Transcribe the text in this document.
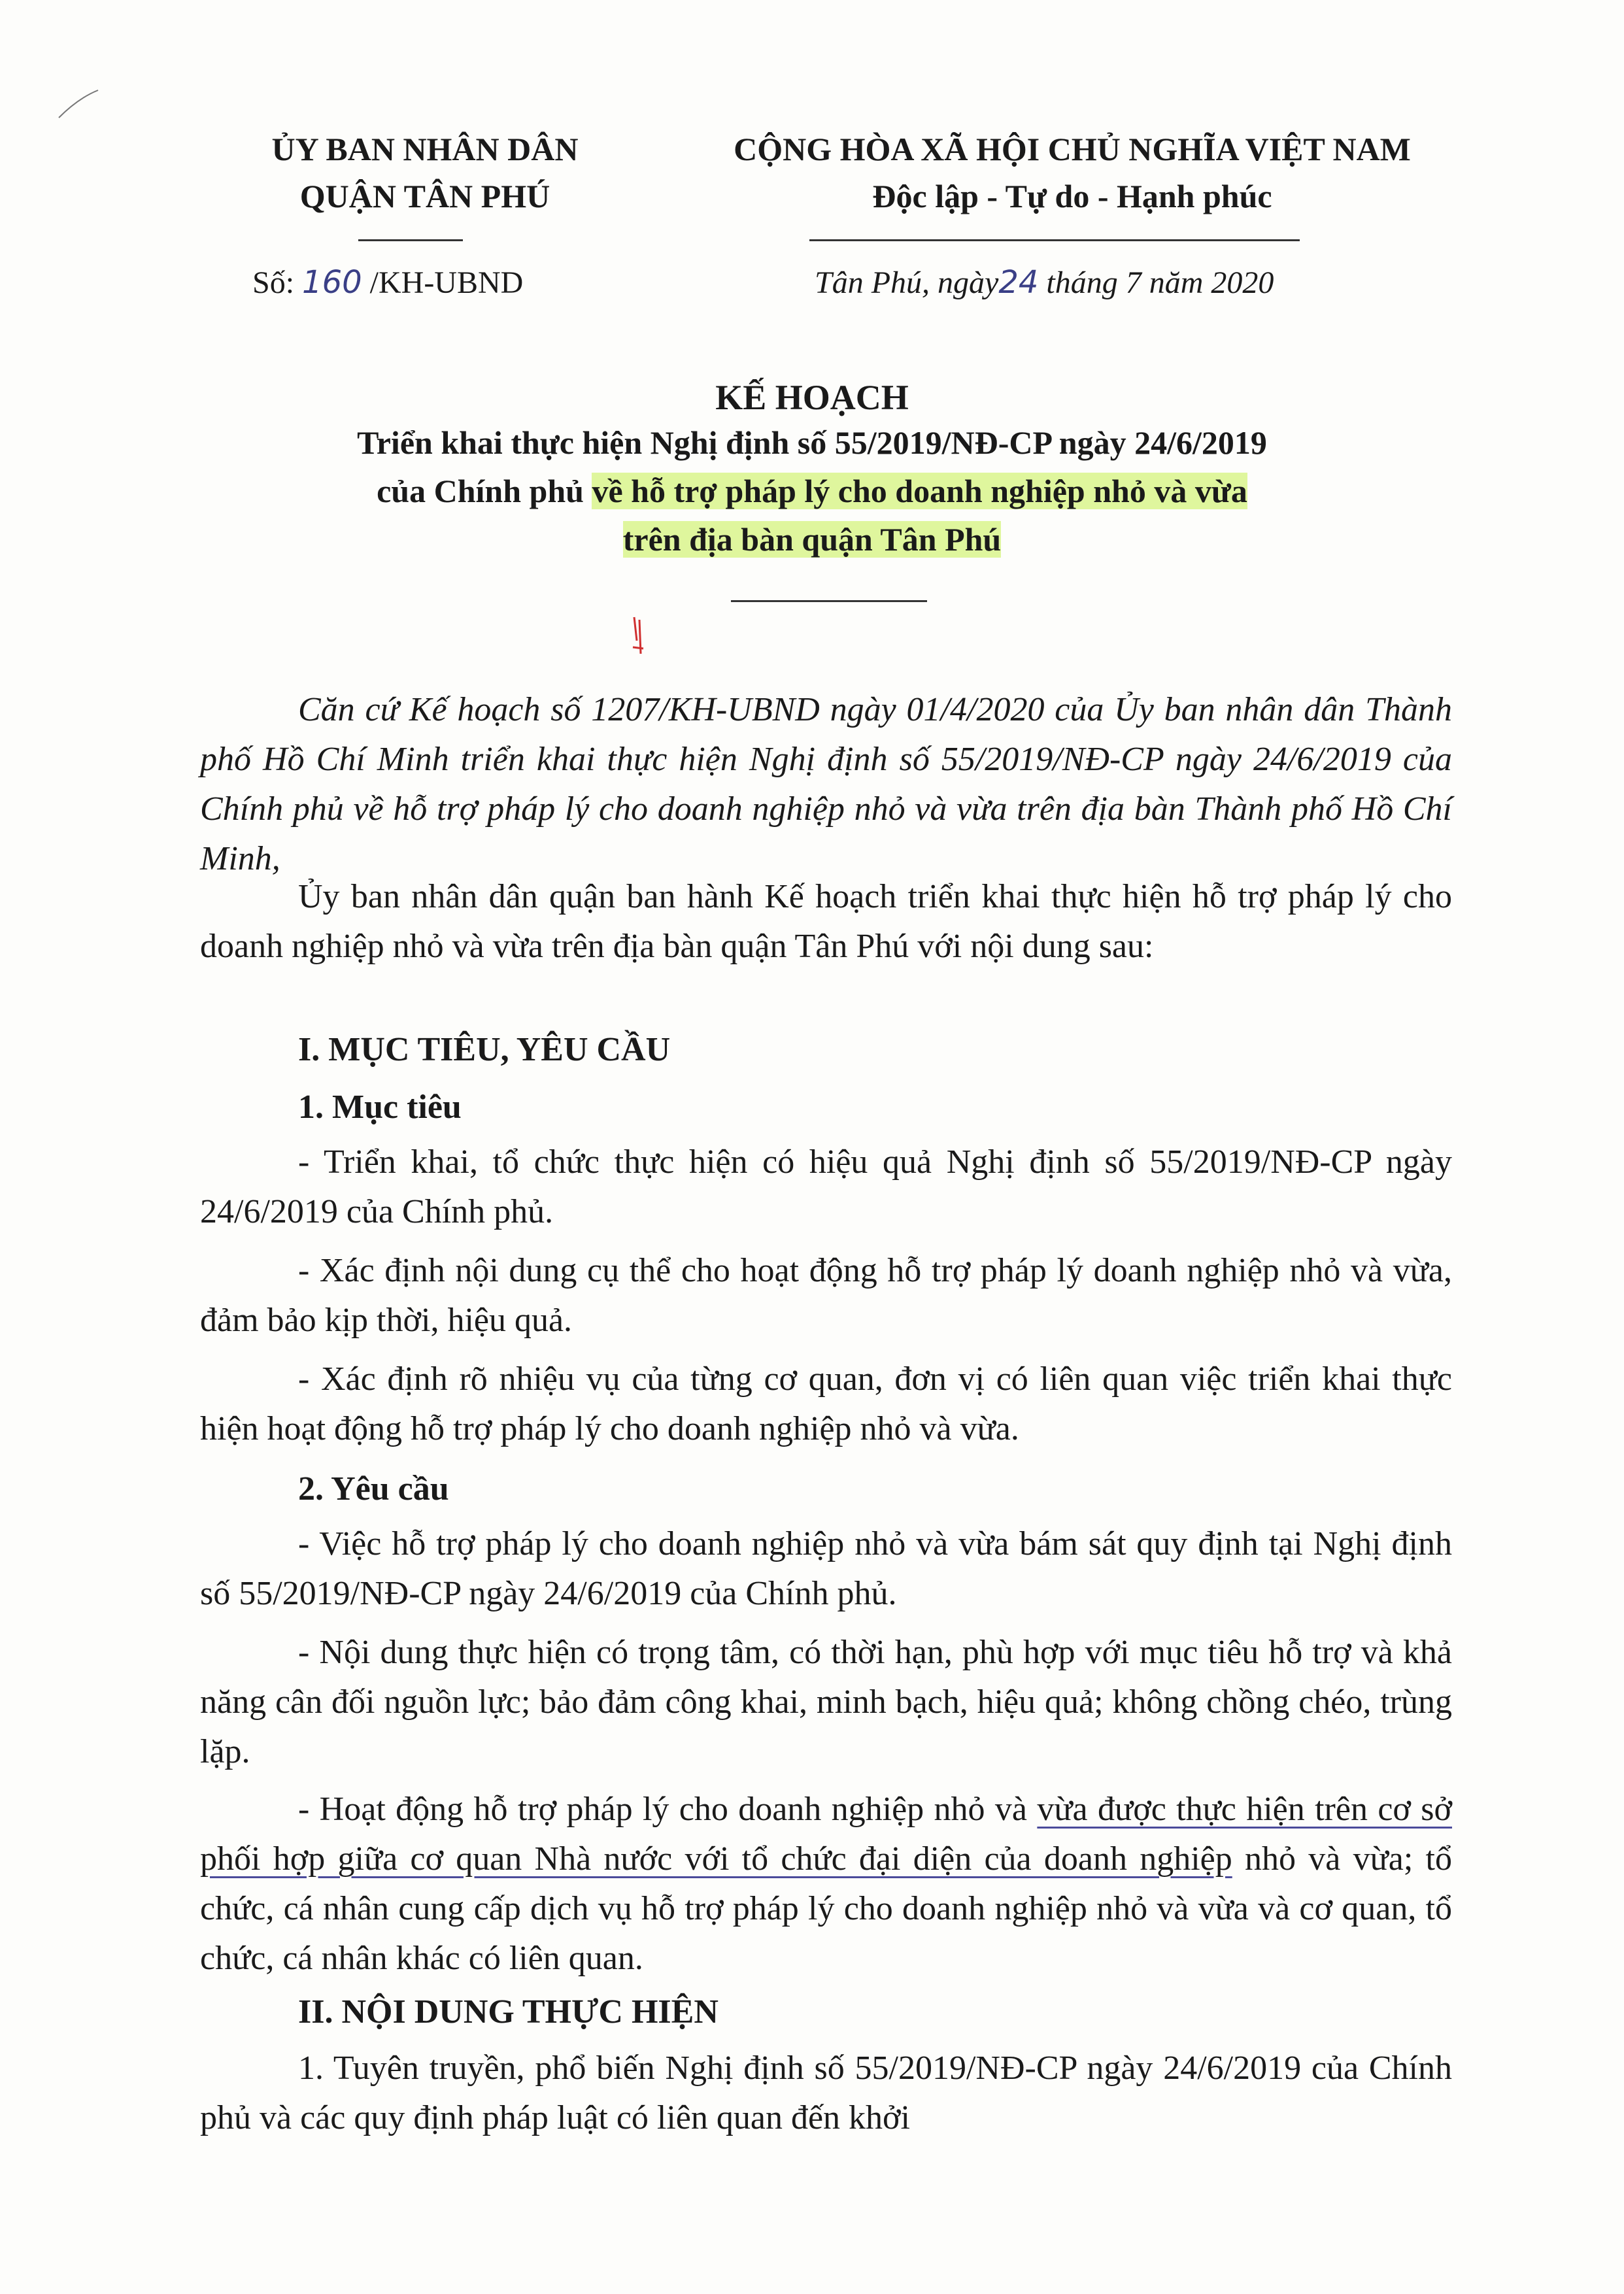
ỦY BAN NHÂN DÂN
QUẬN TÂN PHÚ
CỘNG HÒA XÃ HỘI CHỦ NGHĨA VIỆT NAM
Độc lập - Tự do - Hạnh phúc
Số: 160 /KH-UBND	Tân Phú, ngày24 tháng 7 năm 2020
KẾ HOẠCH
Triển khai thực hiện Nghị định số 55/2019/NĐ-CP ngày 24/6/2019
của Chính phủ về hỗ trợ pháp lý cho doanh nghiệp nhỏ và vừa
trên địa bàn quận Tân Phú

Căn cứ Kế hoạch số 1207/KH-UBND ngày 01/4/2020 của Ủy ban nhân dân Thành phố Hồ Chí Minh triển khai thực hiện Nghị định số 55/2019/NĐ-CP ngày 24/6/2019 của Chính phủ về hỗ trợ pháp lý cho doanh nghiệp nhỏ và vừa trên địa bàn Thành phố Hồ Chí Minh,

Ủy ban nhân dân quận ban hành Kế hoạch triển khai thực hiện hỗ trợ pháp lý cho doanh nghiệp nhỏ và vừa trên địa bàn quận Tân Phú với nội dung sau:

I. MỤC TIÊU, YÊU CẦU
1. Mục tiêu

- Triển khai, tổ chức thực hiện có hiệu quả Nghị định số 55/2019/NĐ-CP ngày 24/6/2019 của Chính phủ.

- Xác định nội dung cụ thể cho hoạt động hỗ trợ pháp lý doanh nghiệp nhỏ và vừa, đảm bảo kịp thời, hiệu quả.

- Xác định rõ nhiệu vụ của từng cơ quan, đơn vị có liên quan việc triển khai thực hiện hoạt động hỗ trợ pháp lý cho doanh nghiệp nhỏ và vừa.

2. Yêu cầu

- Việc hỗ trợ pháp lý cho doanh nghiệp nhỏ và vừa bám sát quy định tại Nghị định số 55/2019/NĐ-CP ngày 24/6/2019 của Chính phủ.

- Nội dung thực hiện có trọng tâm, có thời hạn, phù hợp với mục tiêu hỗ trợ và khả năng cân đối nguồn lực; bảo đảm công khai, minh bạch, hiệu quả; không chồng chéo, trùng lặp.

- Hoạt động hỗ trợ pháp lý cho doanh nghiệp nhỏ và vừa được thực hiện trên cơ sở phối hợp giữa cơ quan Nhà nước với tổ chức đại diện của doanh nghiệp nhỏ và vừa; tổ chức, cá nhân cung cấp dịch vụ hỗ trợ pháp lý cho doanh nghiệp nhỏ và vừa và cơ quan, tổ chức, cá nhân khác có liên quan.

II. NỘI DUNG THỰC HIỆN

1. Tuyên truyền, phổ biến Nghị định số 55/2019/NĐ-CP ngày 24/6/2019 của Chính phủ và các quy định pháp luật có liên quan đến khởi
